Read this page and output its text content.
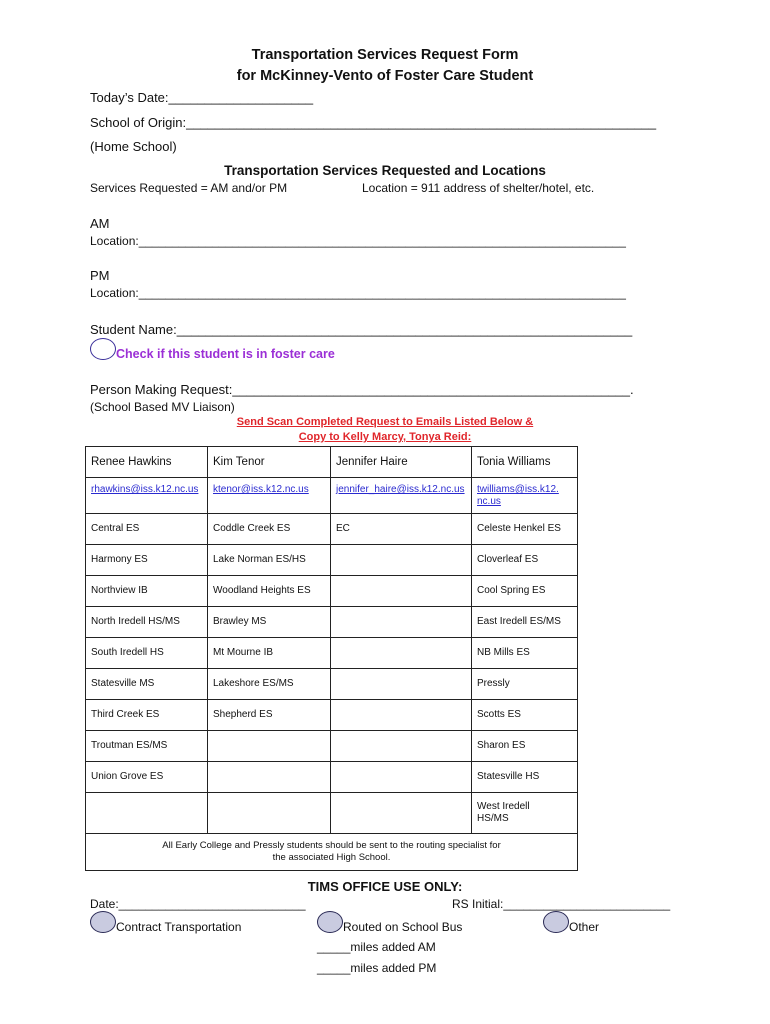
Transportation Services Request Form
for McKinney-Vento of Foster Care Student
Today’s Date:____________________
School of Origin:_________________________________________________________________
(Home School)
Transportation Services Requested and Locations
Services Requested = AM and/or PM	Location = 911 address of shelter/hotel, etc.
AM
Location:_________________________________________________________________________
PM
Location:_________________________________________________________________________
Student Name:_______________________________________________________________
Check if this student is in foster care
Person Making Request:_______________________________________________________.
(School Based MV Liaison)
Send Scan Completed Request to Emails Listed Below &
Copy to Kelly Marcy, Tonya Reid:
Renee Hawkins	Kim Tenor	Jennifer Haire	Tonia Williams
rhawkins@iss.k12.nc.us	ktenor@iss.k12.nc.us	jennifer_haire@iss.k12.nc.us	twilliams@iss.k12.
nc.us
Central ES	Coddle Creek ES	EC	Celeste Henkel ES
Harmony ES	Lake Norman ES/HS		Cloverleaf ES
Northview IB	Woodland Heights ES		Cool Spring ES
North Iredell HS/MS	Brawley MS		East Iredell ES/MS
South Iredell HS	Mt Mourne IB		NB Mills ES
Statesville MS	Lakeshore ES/MS		Pressly
Third Creek ES	Shepherd ES		Scotts ES
Troutman ES/MS			Sharon ES
Union Grove ES			Statesville HS
			West Iredell
HS/MS

All Early College and Pressly students should be sent to the routing specialist for
the associated High School.			
TIMS OFFICE USE ONLY:
Date:____________________________	RS Initial:_________________________
Contract Transportation	Routed on School Bus	Other
_____miles added AM
_____miles added PM
